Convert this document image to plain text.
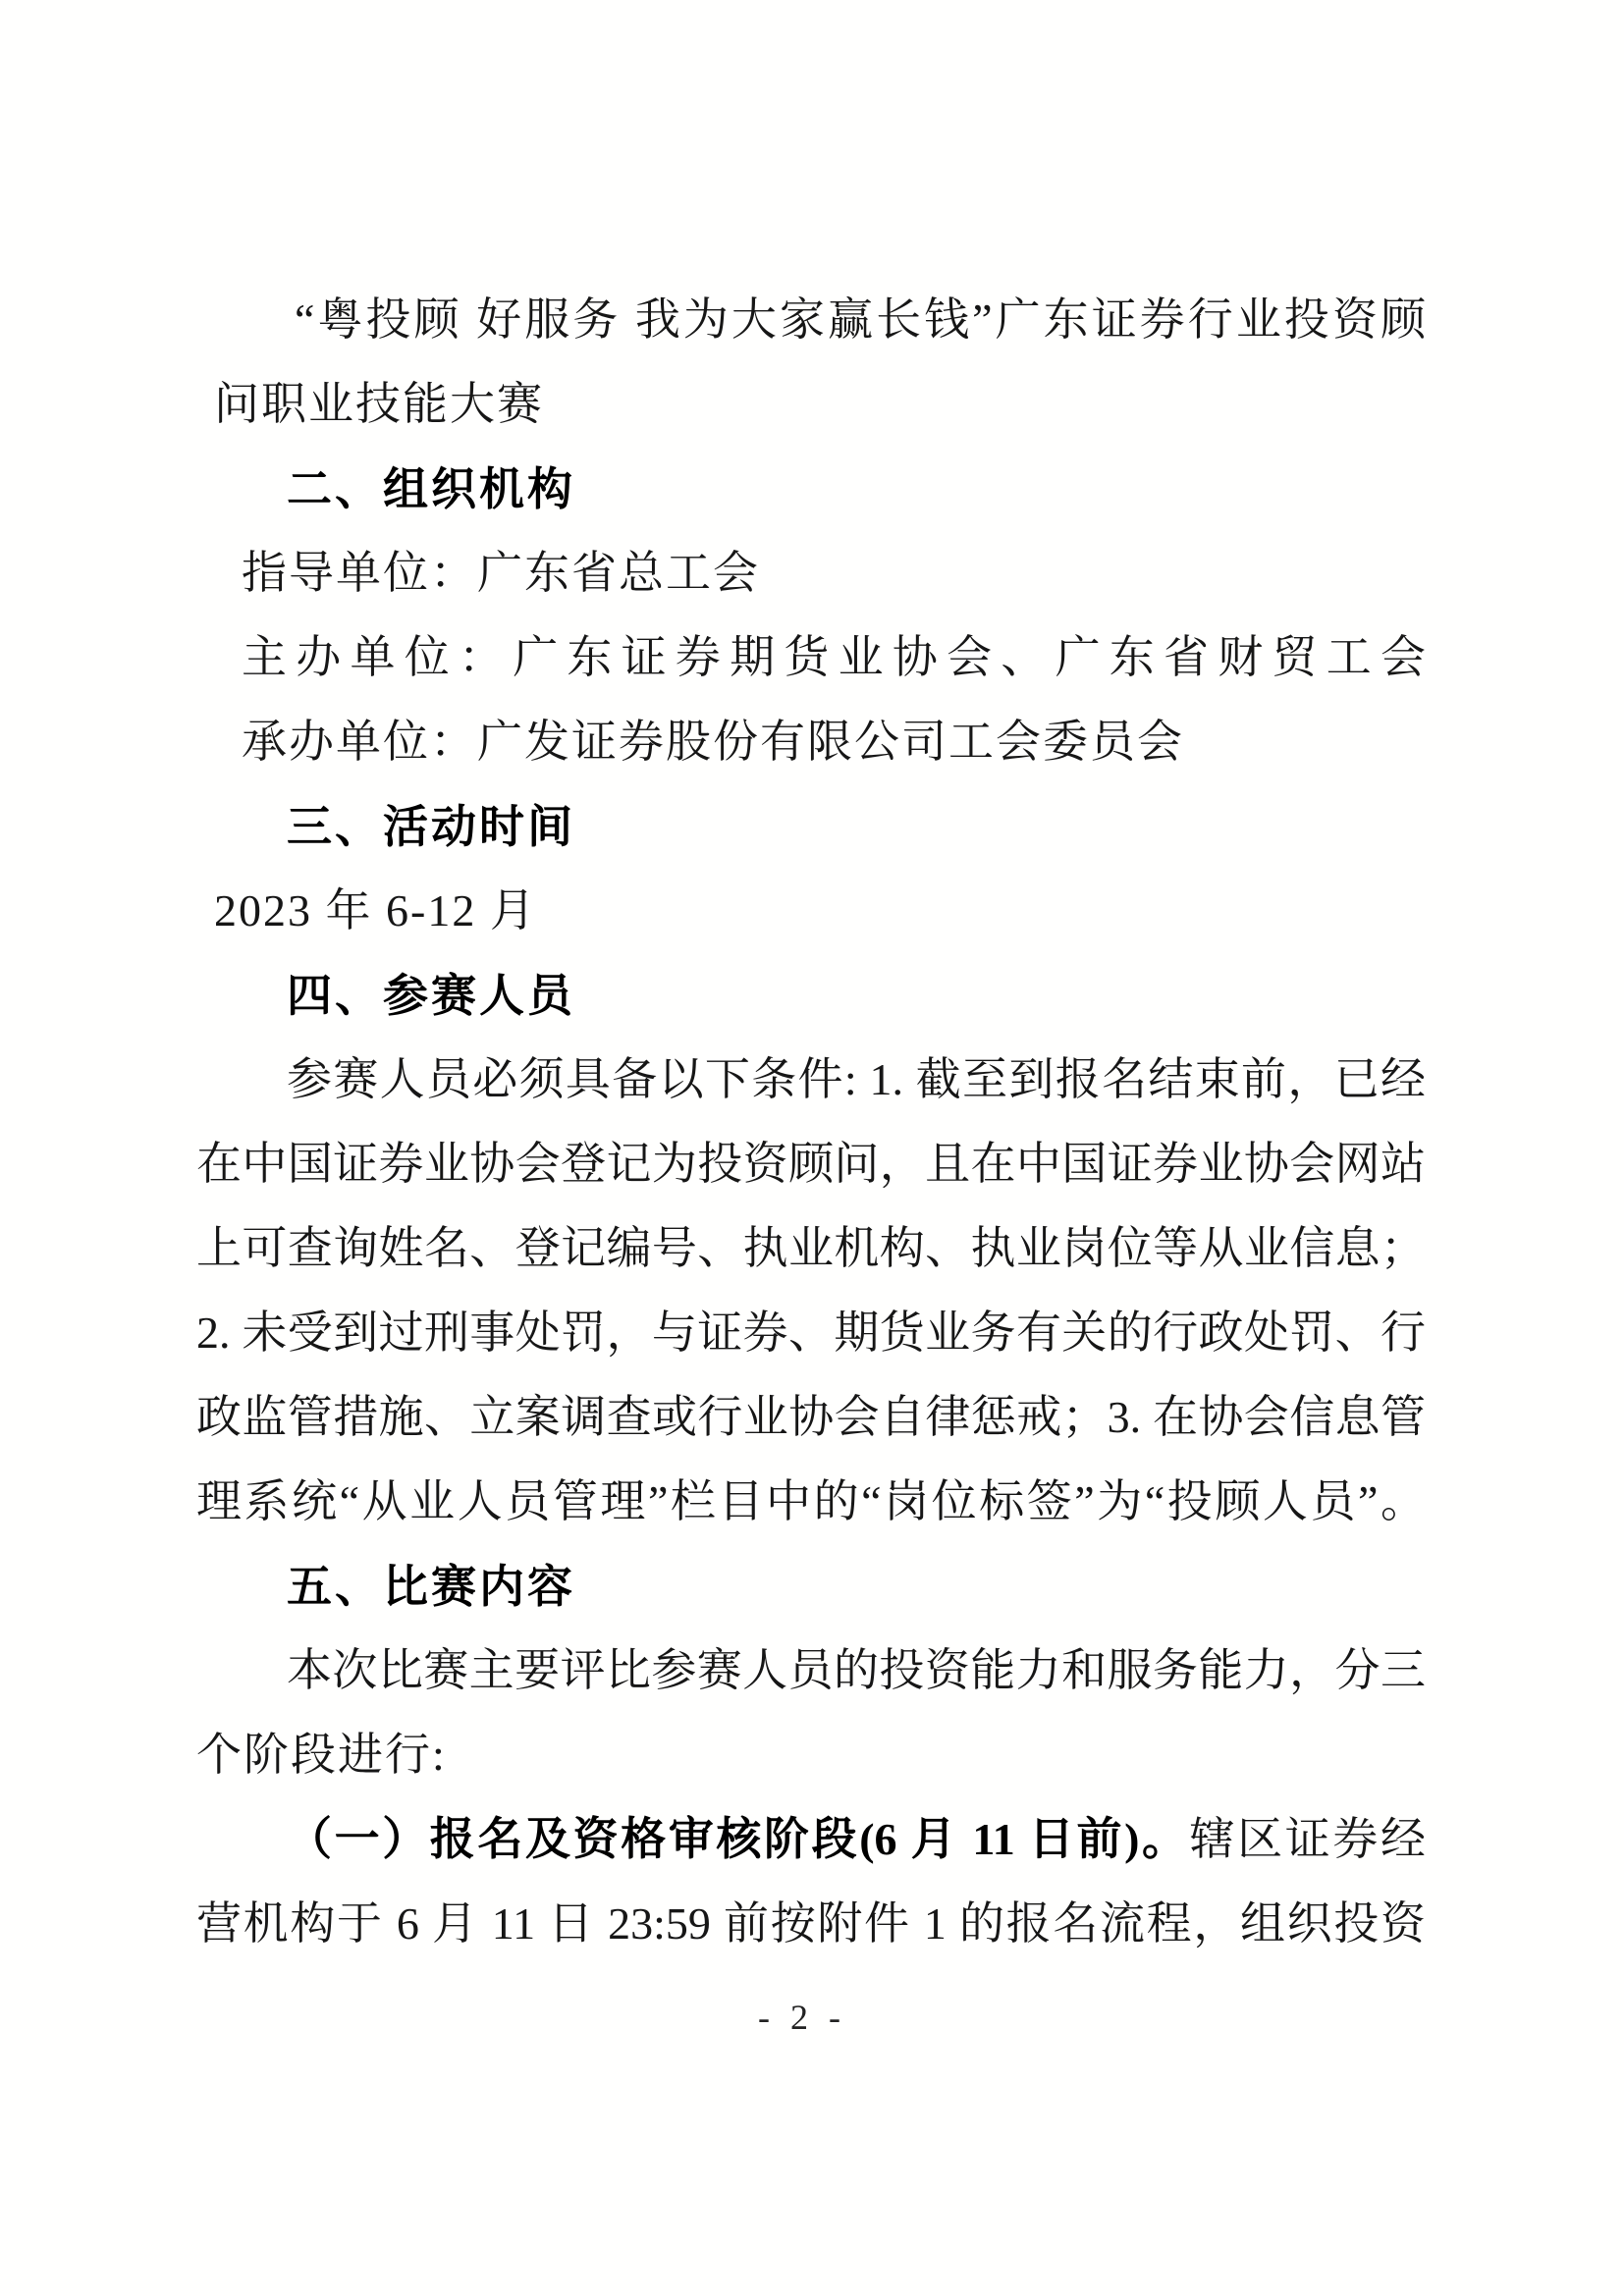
“粤投顾 好服务 我为大家赢长钱”广东证券行业投资顾
问职业技能大赛
二、组织机构
指导单位：广东省总工会
主办单位：广东证券期货业协会、广东省财贸工会
承办单位：广发证券股份有限公司工会委员会
三、活动时间
2023 年 6-12 月
四、参赛人员
参赛人员必须具备以下条件: 1. 截至到报名结束前，已经
在中国证券业协会登记为投资顾问，且在中国证券业协会网站
上可查询姓名、登记编号、执业机构、执业岗位等从业信息；
2. 未受到过刑事处罚，与证券、期货业务有关的行政处罚、行
政监管措施、立案调查或行业协会自律惩戒；3. 在协会信息管
理系统“从业人员管理”栏目中的“岗位标签”为“投顾人员”。
五、比赛内容
本次比赛主要评比参赛人员的投资能力和服务能力，分三
个阶段进行:
（一）报名及资格审核阶段(6 月 11 日前)。辖区证券经
营机构于 6 月 11 日 23:59 前按附件 1 的报名流程，组织投资
- 2 -
